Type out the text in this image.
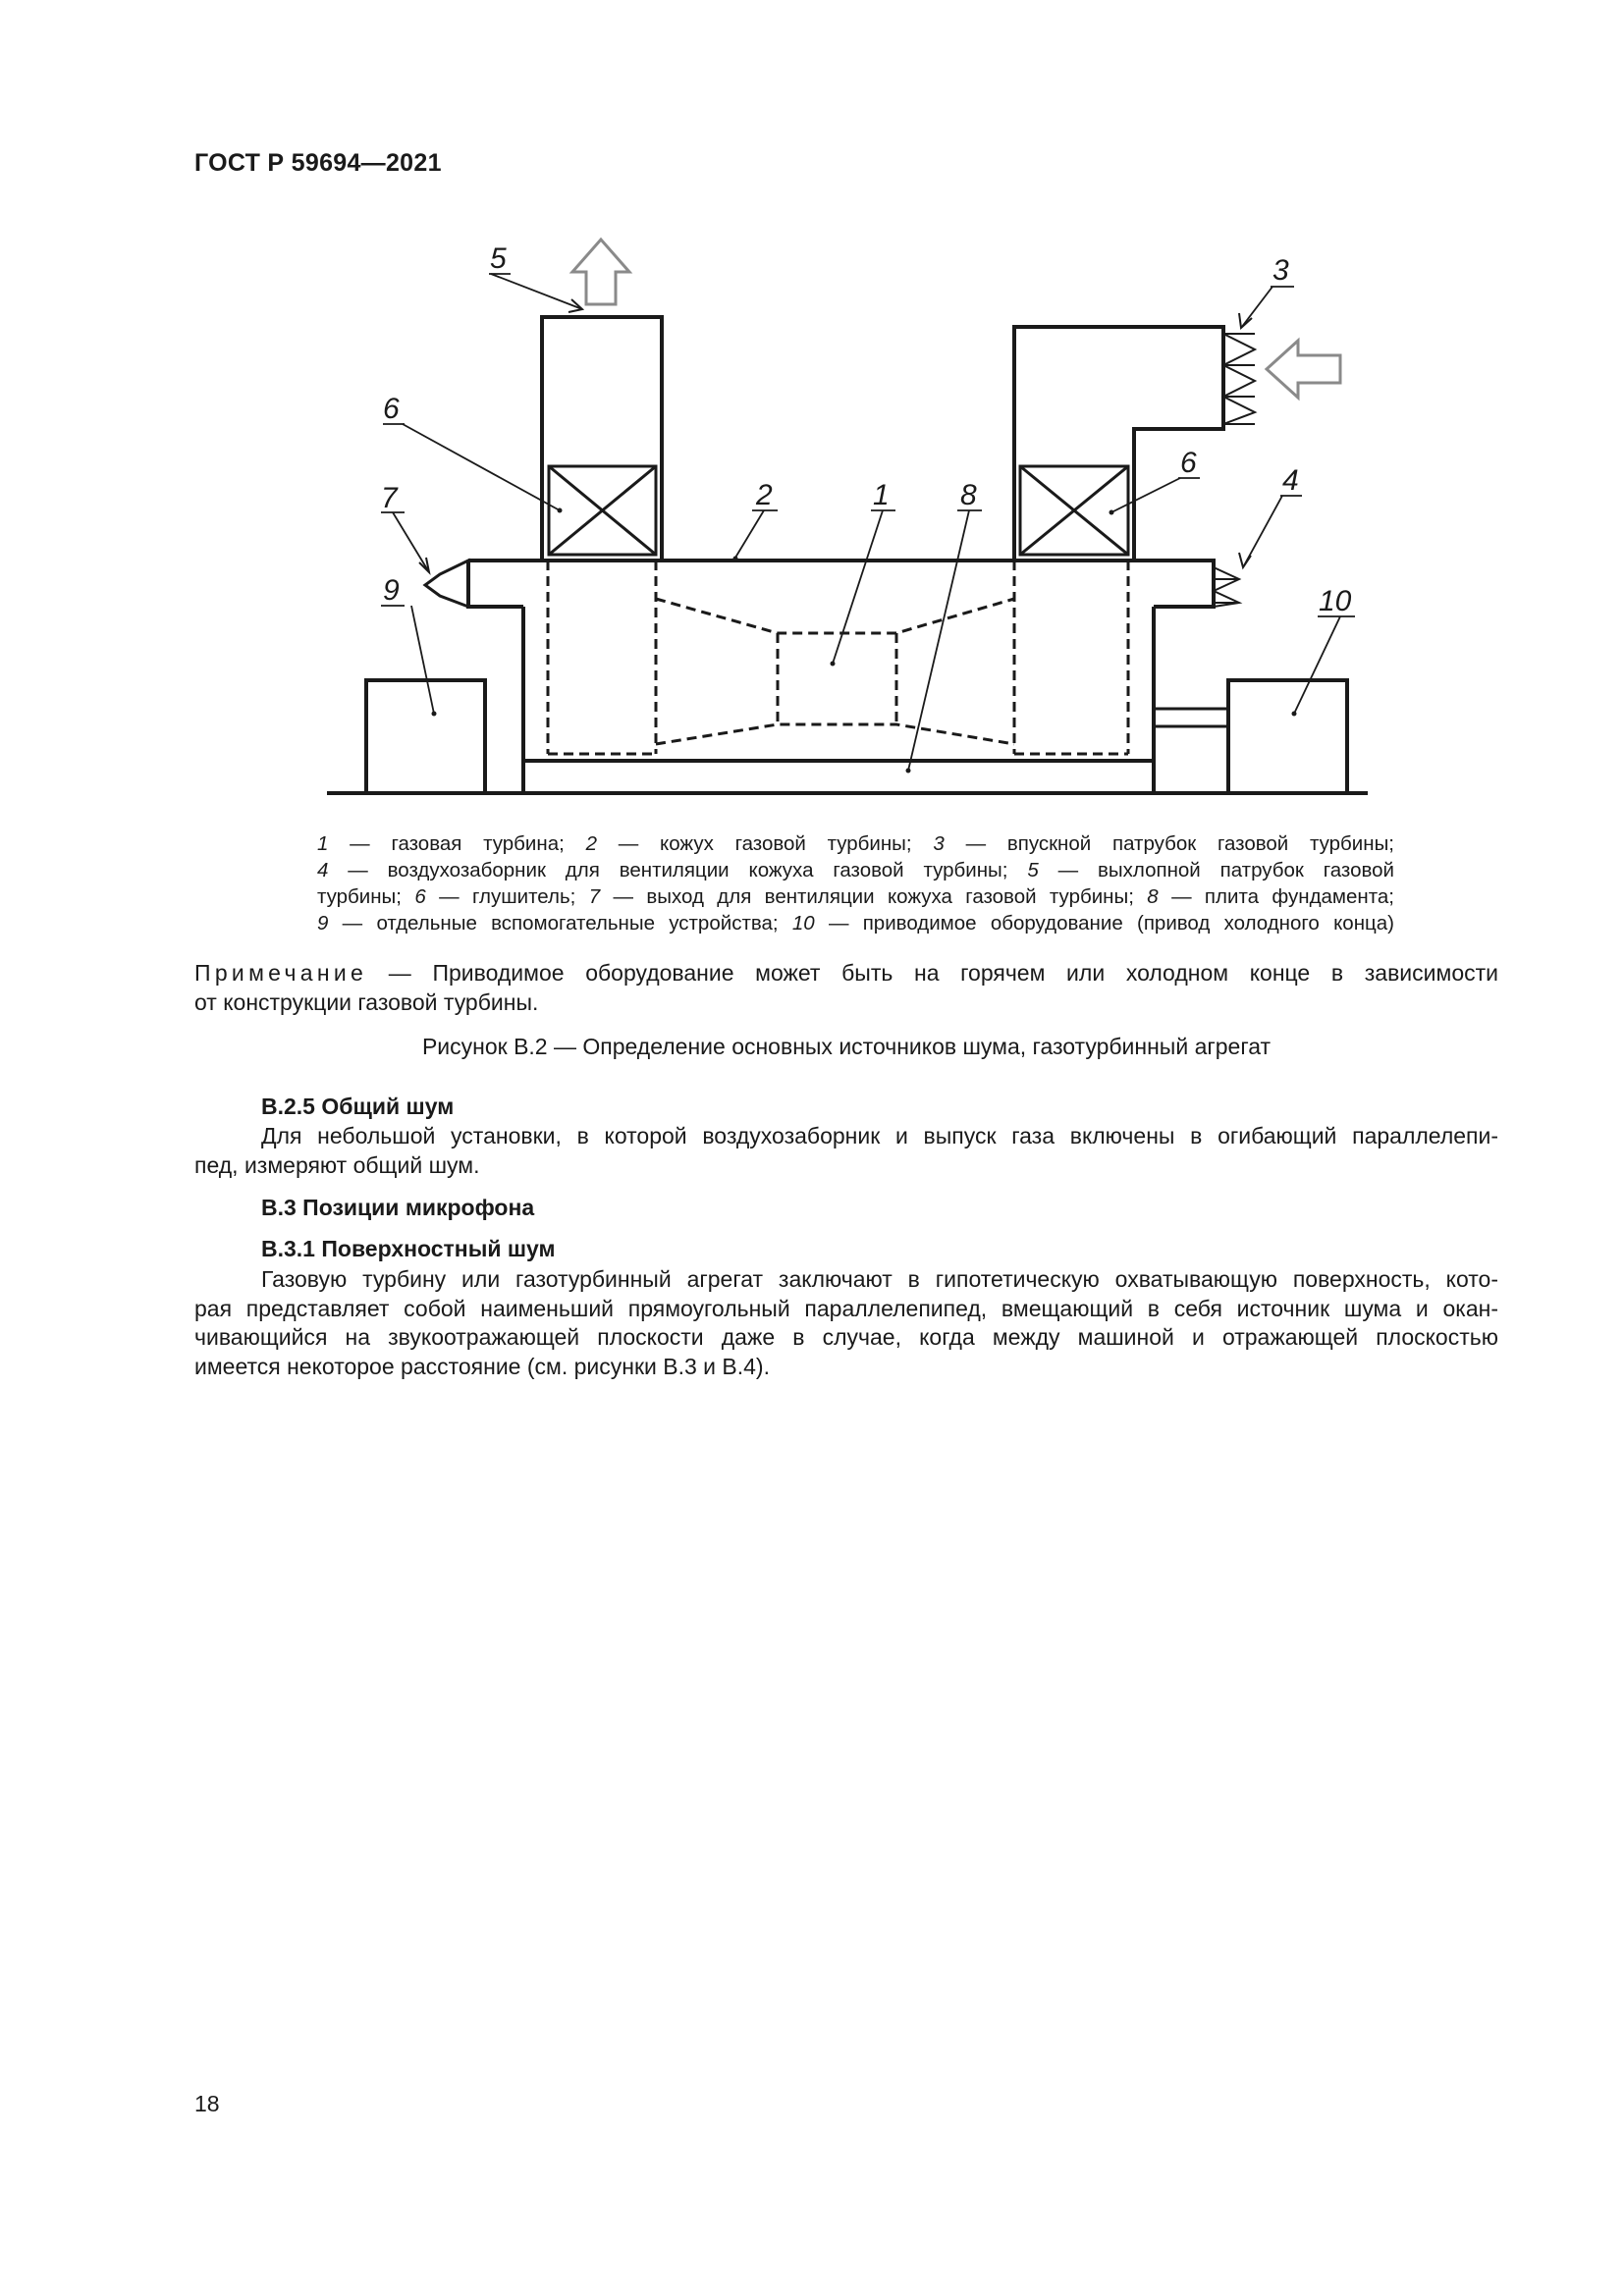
ГОСТ Р 59694—2021
5	3
6
7	2	1 8
6
4
9	10
1 — газовая турбина; 2 — кожух газовой турбины; 3 — впускной патрубок газовой турбины;
4 — воздухозаборник для вентиляции кожуха газовой турбины; 5 — выхлопной патрубок газовой
турбины; 6 — глушитель; 7 — выход для вентиляции кожуха газовой турбины; 8 — плита фундамента;
9 — отдельные вспомогательные устройства; 10 — приводимое оборудование (привод холодного конца)
Примечание — Приводимое оборудование может быть на горячем или холодном конце в зависимости
от конструкции газовой турбины.
Рисунок В.2 — Определение основных источников шума, газотурбинный агрегат
В.2.5 Общий шум
Для небольшой установки, в которой воздухозаборник и выпуск газа включены в огибающий параллелепи-
пед, измеряют общий шум.
В.3 Позиции микрофона
В.3.1 Поверхностный шум
Газовую турбину или газотурбинный агрегат заключают в гипотетическую охватывающую поверхность, кото-
рая представляет собой наименьший прямоугольный параллелепипед, вмещающий в себя источник шума и окан-
чивающийся на звукоотражающей плоскости даже в случае, когда между машиной и отражающей плоскостью
имеется некоторое расстояние (см. рисунки В.3 и В.4).
18
